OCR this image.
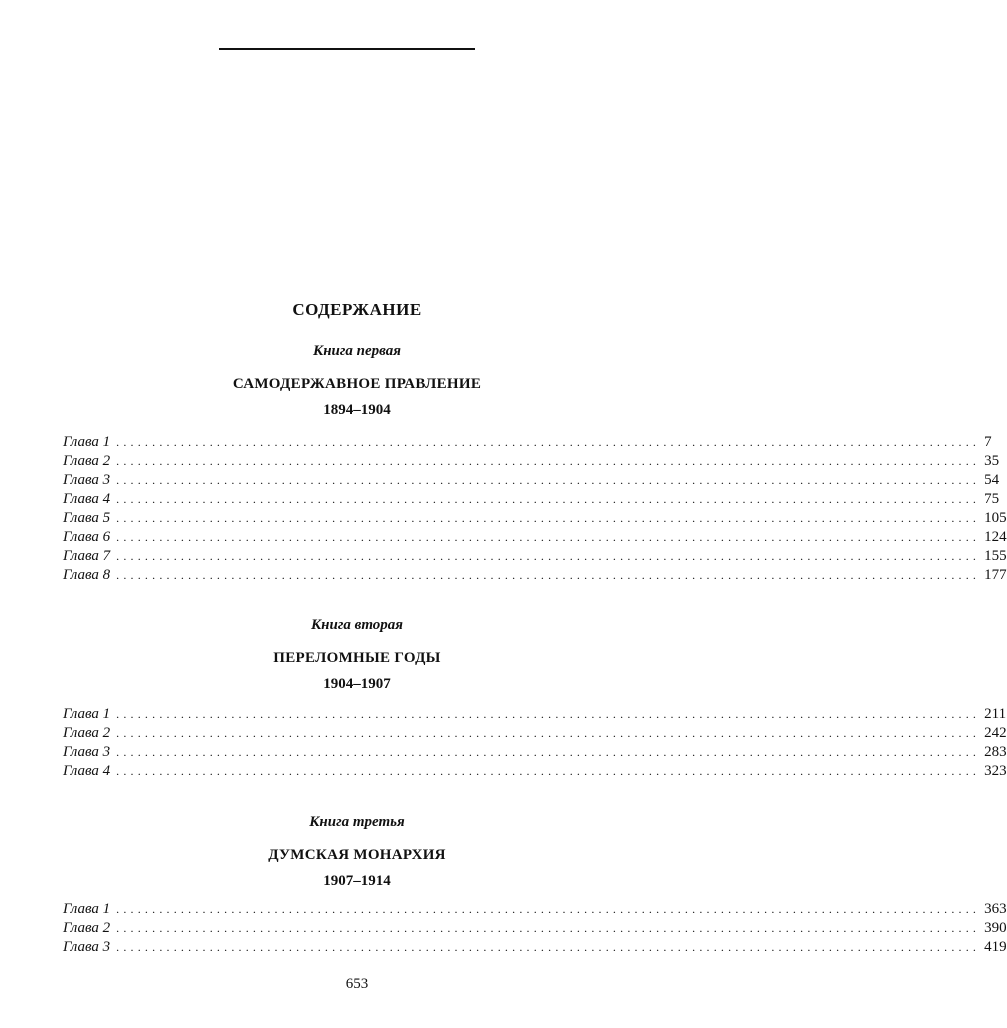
СОДЕРЖАНИЕ
Книга первая
САМОДЕРЖАВНОЕ ПРАВЛЕНИЕ
1894–1904
Глава 1 ........................................................................................................................ 7
Глава 2 ........................................................................................................................ 35
Глава 3 ........................................................................................................................ 54
Глава 4 ........................................................................................................................ 75
Глава 5 ........................................................................................................................ 105
Глава 6 ........................................................................................................................ 124
Глава 7 ........................................................................................................................ 155
Глава 8 ........................................................................................................................ 177
Книга вторая
ПЕРЕЛОМНЫЕ ГОДЫ
1904–1907
Глава 1 ........................................................................................................................ 211
Глава 2 ........................................................................................................................ 242
Глава 3 ........................................................................................................................ 283
Глава 4 ........................................................................................................................ 323
Книга третья
ДУМСКАЯ МОНАРХИЯ
1907–1914
Глава 1 ........................................................................................................................ 363
Глава 2 ........................................................................................................................ 390
Глава 3 ........................................................................................................................ 419
653
